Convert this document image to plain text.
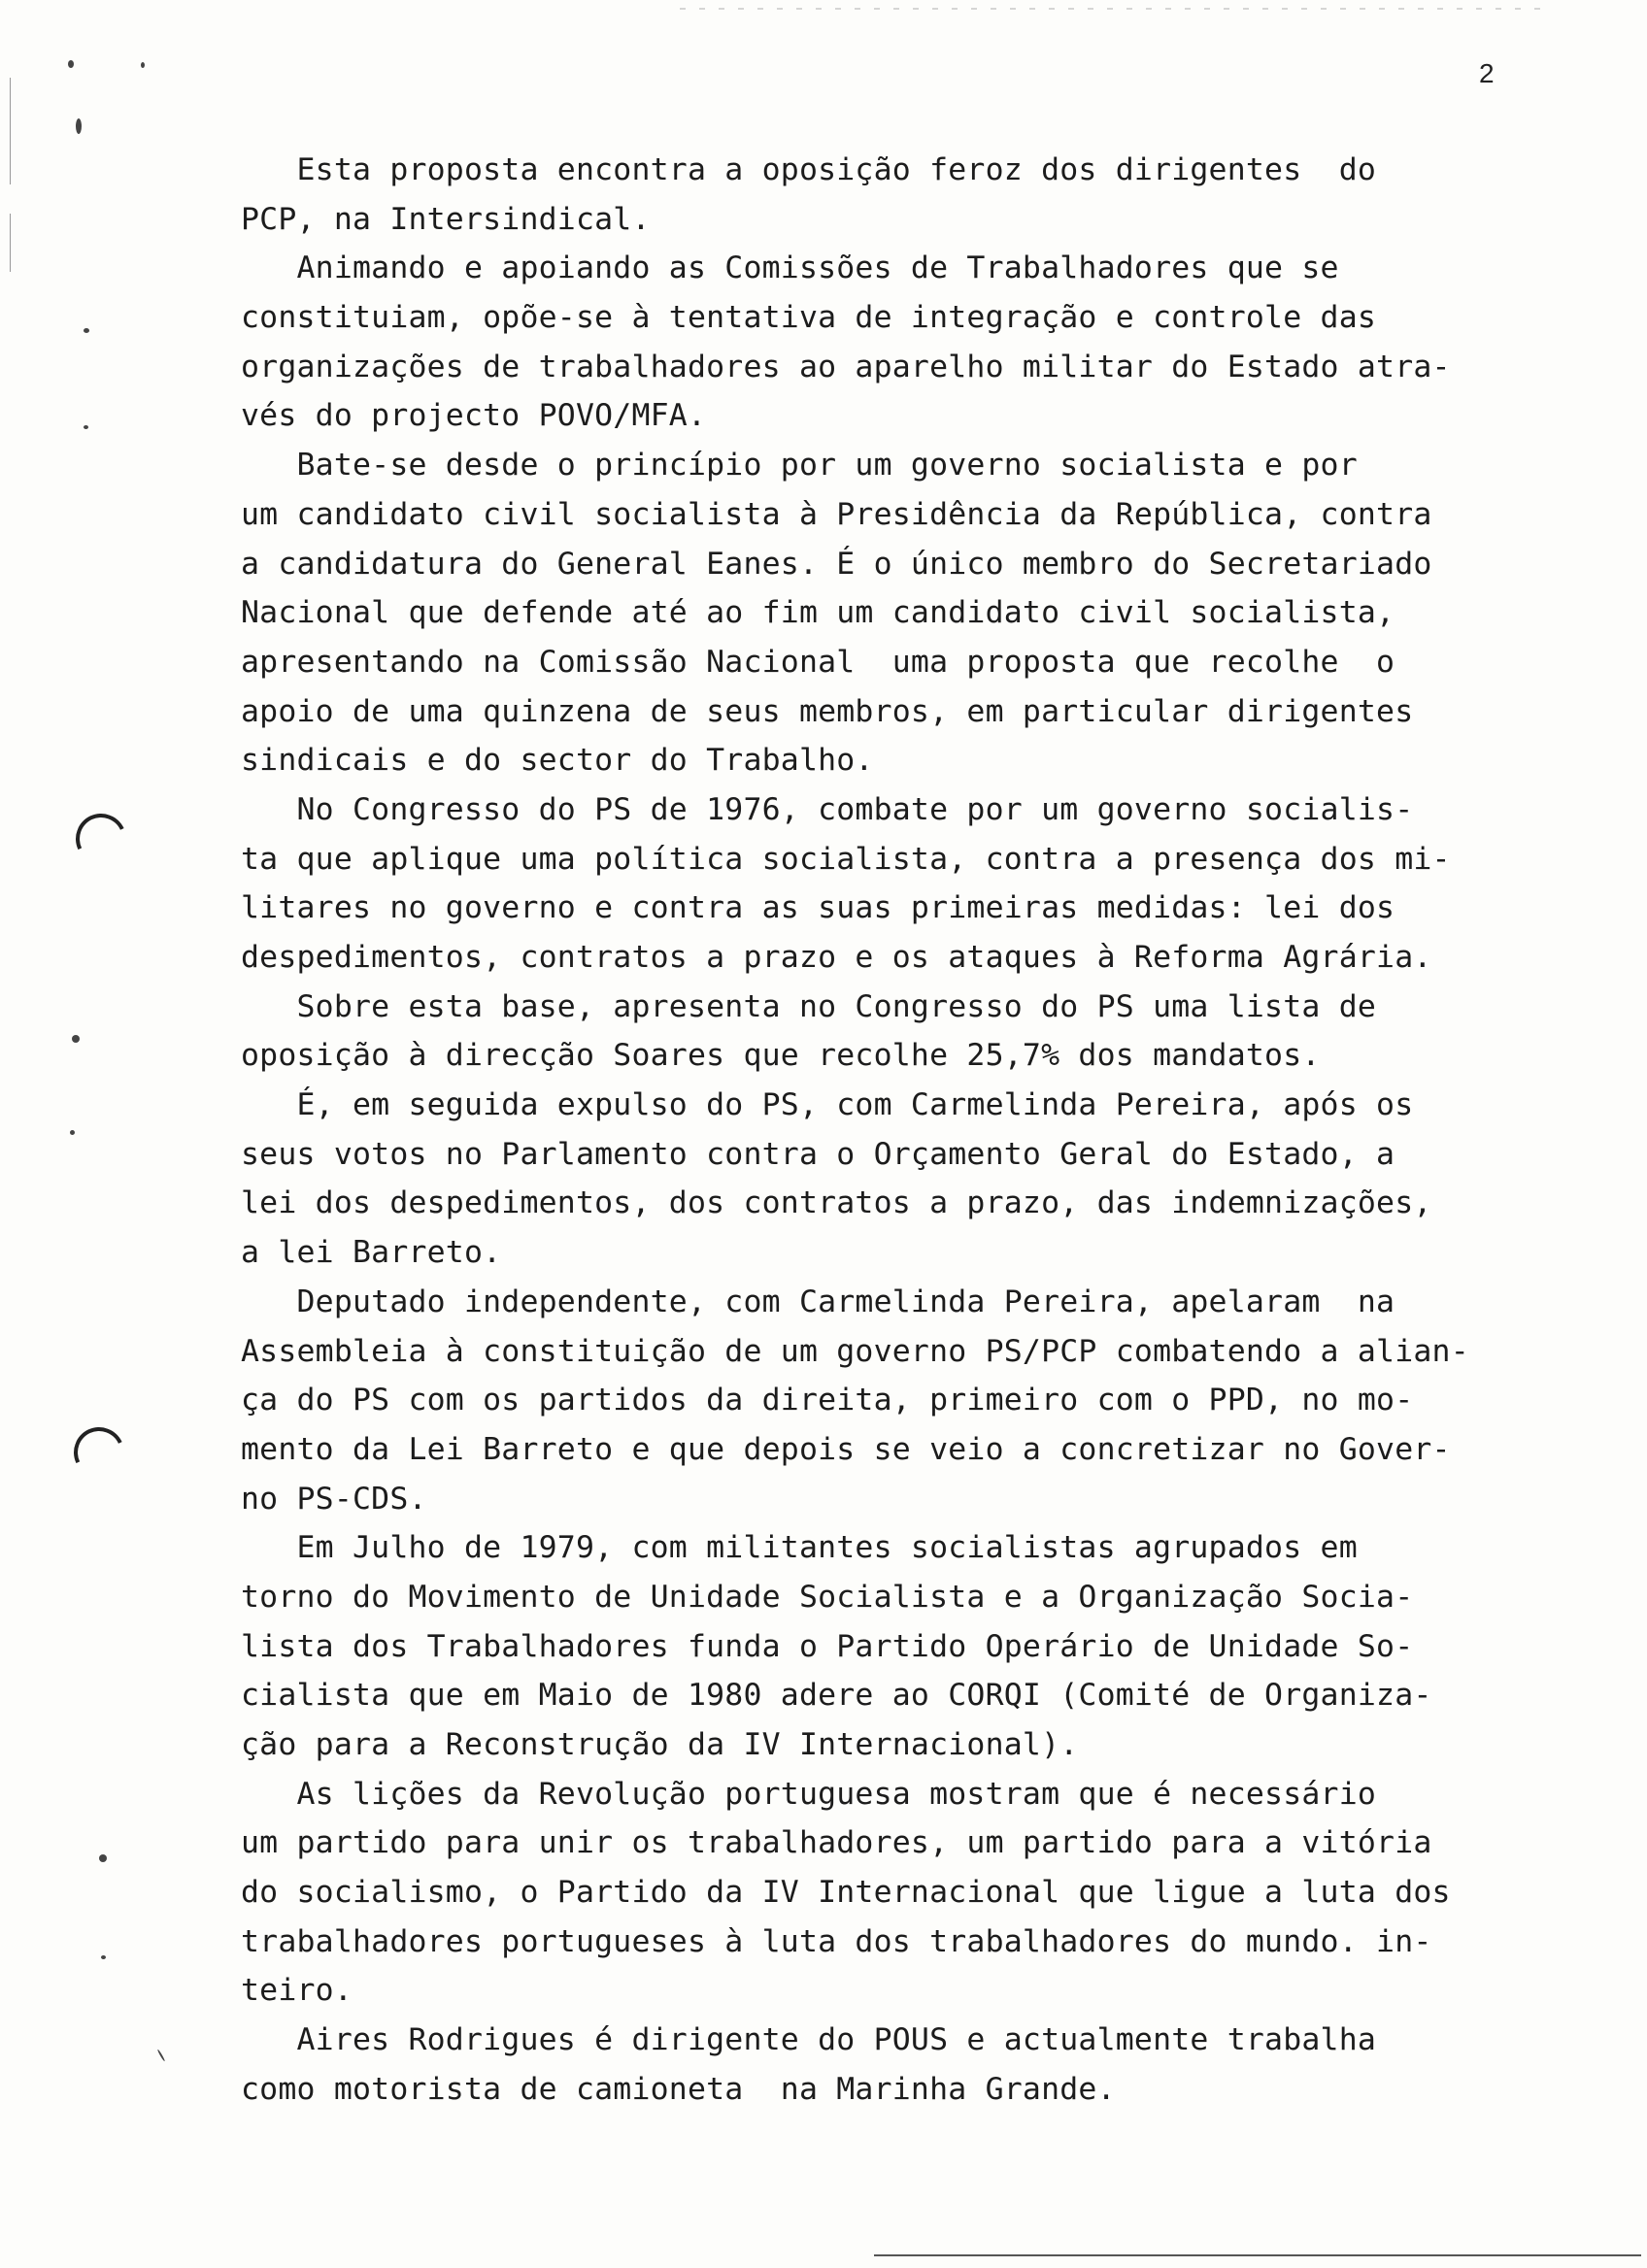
2
Esta proposta encontra a oposição feroz dos dirigentes  do
PCP, na Intersindical.
Animando e apoiando as Comissões de Trabalhadores que se
constituiam, opõe-se à tentativa de integração e controle das
organizações de trabalhadores ao aparelho militar do Estado atra-
vés do projecto POVO/MFA.
Bate-se desde o princípio por um governo socialista e por
um candidato civil socialista à Presidência da República, contra
a candidatura do General Eanes. É o único membro do Secretariado
Nacional que defende até ao fim um candidato civil socialista,
apresentando na Comissão Nacional  uma proposta que recolhe  o
apoio de uma quinzena de seus membros, em particular dirigentes
sindicais e do sector do Trabalho.
No Congresso do PS de 1976, combate por um governo socialis-
ta que aplique uma política socialista, contra a presença dos mi-
litares no governo e contra as suas primeiras medidas: lei dos
despedimentos, contratos a prazo e os ataques à Reforma Agrária.
Sobre esta base, apresenta no Congresso do PS uma lista de
oposição à direcção Soares que recolhe 25,7% dos mandatos.
É, em seguida expulso do PS, com Carmelinda Pereira, após os
seus votos no Parlamento contra o Orçamento Geral do Estado, a
lei dos despedimentos, dos contratos a prazo, das indemnizações,
a lei Barreto.
Deputado independente, com Carmelinda Pereira, apelaram  na
Assembleia à constituição de um governo PS/PCP combatendo a alian-
ça do PS com os partidos da direita, primeiro com o PPD, no mo-
mento da Lei Barreto e que depois se veio a concretizar no Gover-
no PS-CDS.
Em Julho de 1979, com militantes socialistas agrupados em
torno do Movimento de Unidade Socialista e a Organização Socia-
lista dos Trabalhadores funda o Partido Operário de Unidade So-
cialista que em Maio de 1980 adere ao CORQI (Comité de Organiza-
ção para a Reconstrução da IV Internacional).
As lições da Revolução portuguesa mostram que é necessário
um partido para unir os trabalhadores, um partido para a vitória
do socialismo, o Partido da IV Internacional que ligue a luta dos
trabalhadores portugueses à luta dos trabalhadores do mundo. in-
teiro.
Aires Rodrigues é dirigente do POUS e actualmente trabalha
como motorista de camioneta  na Marinha Grande.
